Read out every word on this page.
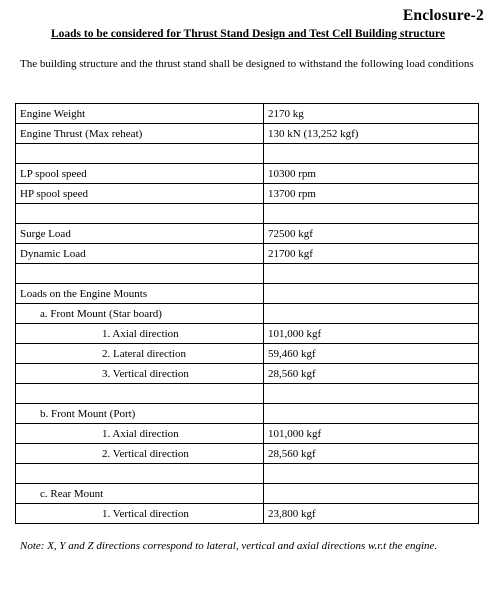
Enclosure-2
Loads to be considered for Thrust Stand Design and Test Cell Building structure
The building structure and the thrust stand shall be designed to withstand the following load conditions
Engine Weight	2170 kg
Engine Thrust (Max reheat)	130 kN (13,252 kgf)

LP spool speed	10300 rpm
HP spool speed	13700 rpm

Surge Load	72500 kgf
Dynamic Load	21700 kgf

Loads on the Engine Mounts	
a. Front Mount (Star board)	
1. Axial direction	101,000 kgf
2. Lateral direction	59,460 kgf
3. Vertical direction	28,560 kgf

b. Front Mount (Port)	
1. Axial direction	101,000 kgf
2. Vertical direction	28,560 kgf

c. Rear Mount	
1. Vertical direction	23,800 kgf
Note: X, Y and Z directions correspond to lateral, vertical and axial directions w.r.t the engine.
